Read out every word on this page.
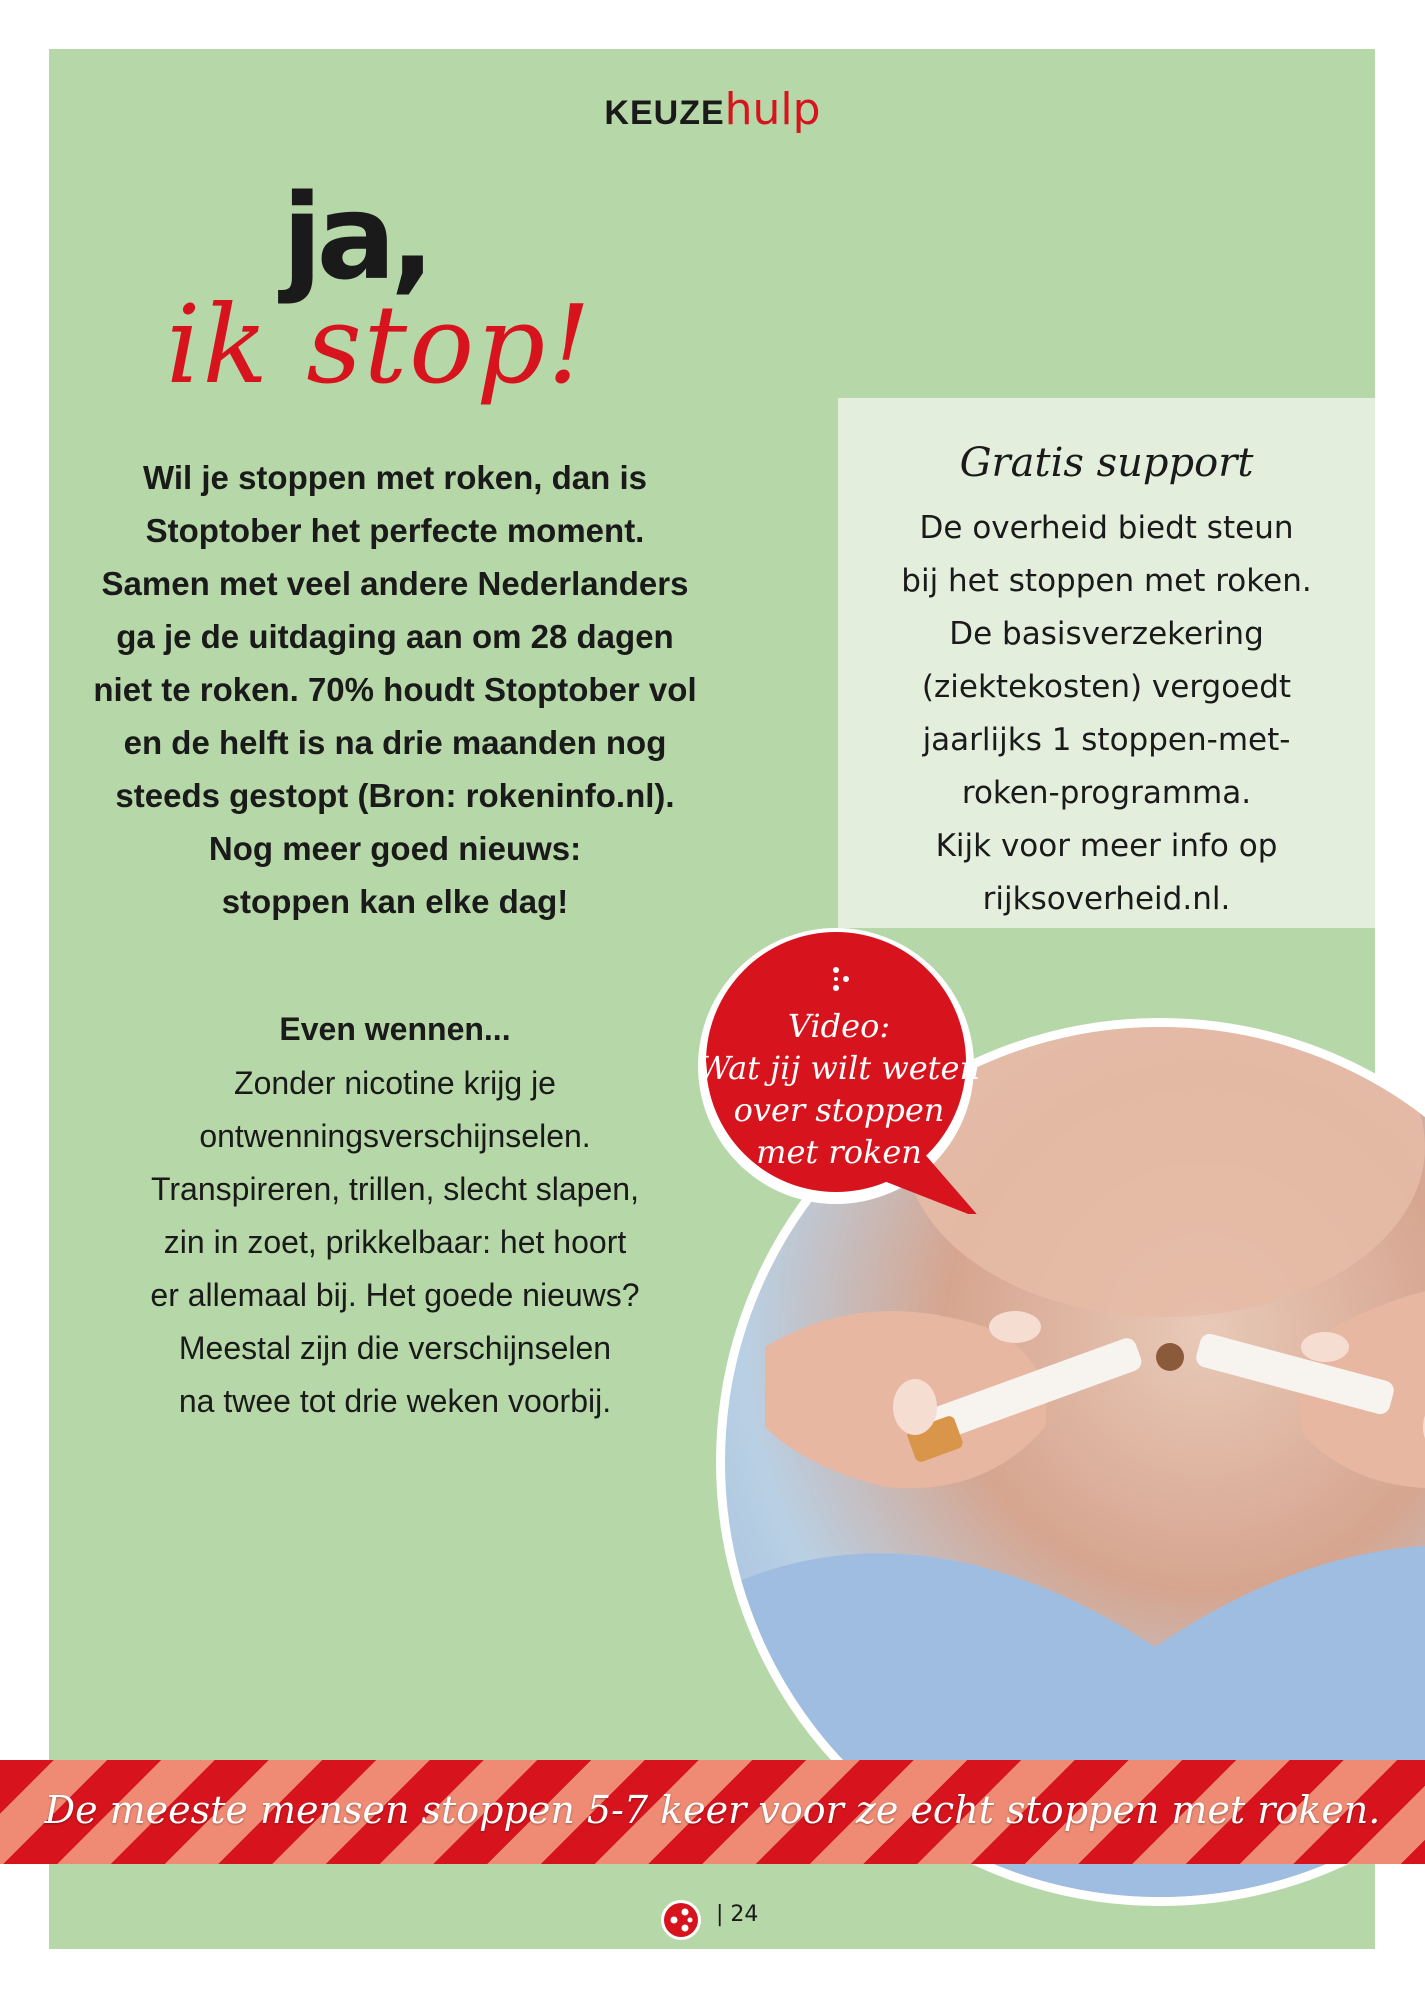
KEUZEhulp
ik stop!
ja,

Wil je stoppen met roken, dan is

Stoptober het perfecte moment.

Samen met veel andere Nederlanders

ga je de uitdaging aan om 28 dagen

niet te roken. 70% houdt Stoptober vol

en de helft is na drie maanden nog

steeds gestopt (Bron: rokeninfo.nl).

Nog meer goed nieuws:

stoppen kan elke dag!

Even wennen...
Zonder nicotine krijg je
ontwenningsverschijnselen.
Transpireren, trillen, slecht slapen,
zin in zoet, prikkelbaar: het hoort
er allemaal bij. Het goede nieuws?
Meestal zijn die verschijnselen
na twee tot drie weken voorbij.
Gratis support
De overheid biedt steun
bij het stoppen met roken.
De basisverzekering
(ziektekosten) vergoedt
jaarlijks 1 stoppen-met-
roken-programma.
Kijk voor meer info op
rijksoverheid.nl.
Video:
Wat jij wilt weten
over stoppen
met roken
De meeste mensen stoppen 5-7 keer voor ze echt stoppen met roken.
| 24
